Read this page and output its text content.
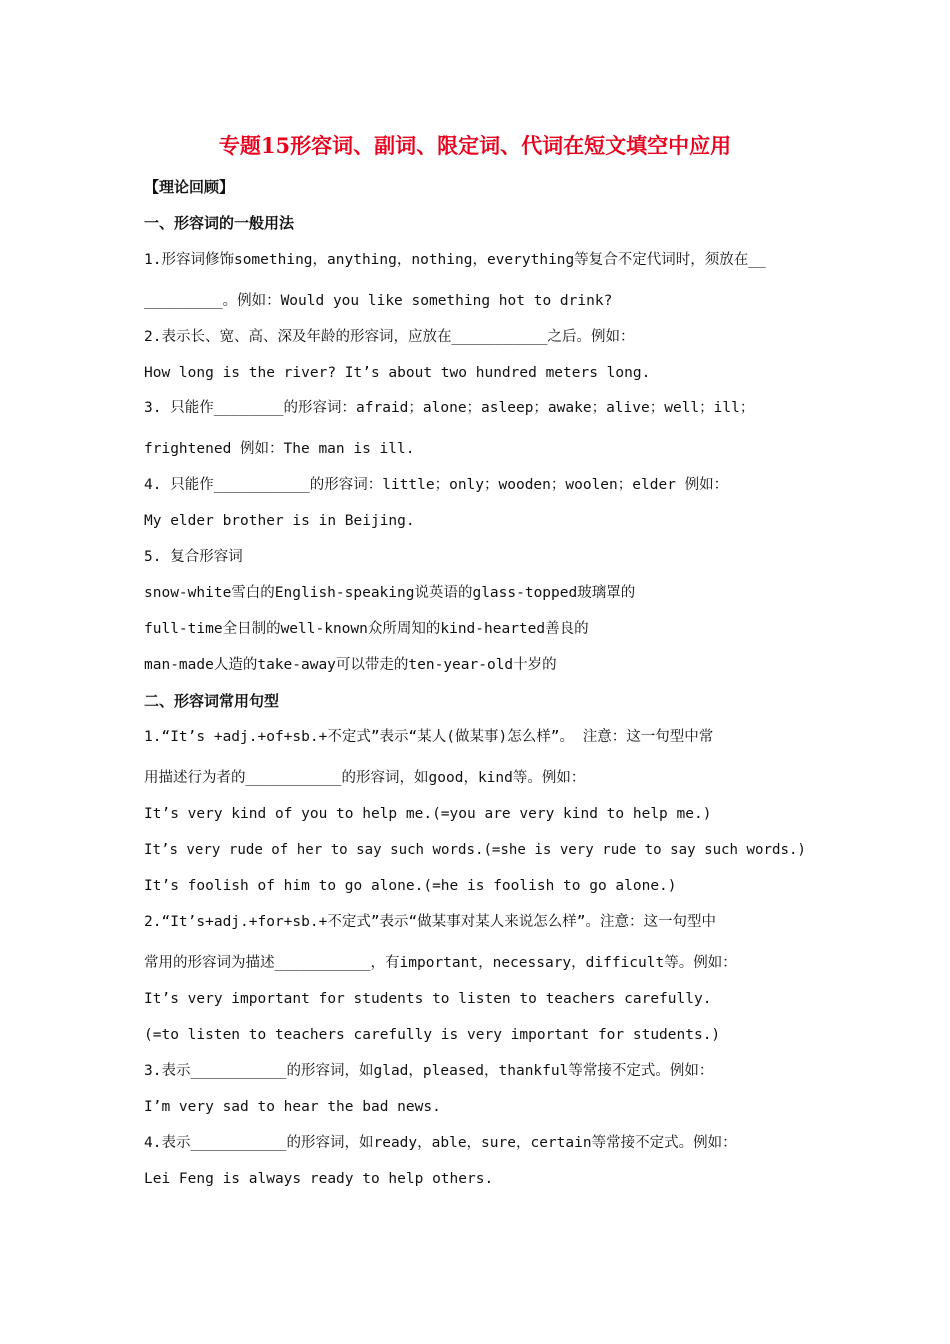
专题15形容词、副词、限定词、代词在短文填空中应用
【理论回顾】
一、形容词的一般用法
1.形容词修饰something，anything，nothing，everything等复合不定代词时，须放在__
_________。例如：Would you like something hot to drink?
2.表示长、宽、高、深及年龄的形容词，应放在___________之后。例如：
How long is the river? It’s about two hundred meters long.
3. 只能作________的形容词：afraid；alone；asleep；awake；alive；well；ill；
frightened 例如：The man is ill.
4. 只能作___________的形容词：little；only；wooden；woolen；elder 例如：
My elder brother is in Beijing.
5. 复合形容词
snow-white雪白的English-speaking说英语的glass-topped玻璃罩的
full-time全日制的well-known众所周知的kind-hearted善良的
man-made人造的take-away可以带走的ten-year-old十岁的
二、形容词常用句型
1.“It’s +adj.+of+sb.+不定式”表示“某人(做某事)怎么样”。 注意：这一句型中常
用描述行为者的___________的形容词，如good，kind等。例如：
It’s very kind of you to help me.(=you are very kind to help me.)
It’s very rude of her to say such words.(=she is very rude to say such words.)
It’s foolish of him to go alone.(=he is foolish to go alone.)
2.“It’s+adj.+for+sb.+不定式”表示“做某事对某人来说怎么样”。注意：这一句型中
常用的形容词为描述___________，有important，necessary，difficult等。例如：
It’s very important for students to listen to teachers carefully.
(=to listen to teachers carefully is very important for students.)
3.表示___________的形容词，如glad，pleased，thankful等常接不定式。例如：
I’m very sad to hear the bad news.
4.表示___________的形容词，如ready，able，sure，certain等常接不定式。例如：
Lei Feng is always ready to help others.
